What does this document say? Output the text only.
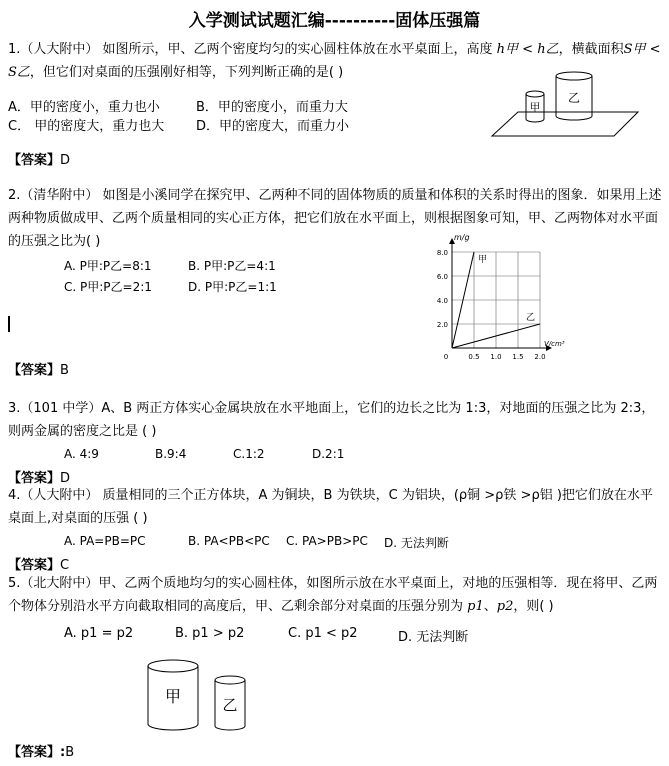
入学测试试题汇编----------固体压强篇
1.（人大附中） 如图所示，甲、乙两个密度均匀的实心圆柱体放在水平桌面上，高度 h甲 < h乙，横截面积S甲 < S乙，但它们对桌面的压强刚好相等，下列判断正确的是( )
A．甲的密度小，重力也小	B．甲的密度小，而重力大
C． 甲的密度大，重力也大 D．甲的密度大，而重力小
甲
乙
【答案】D
2.（清华附中） 如图是小溪同学在探究甲、乙两种不同的固体物质的质量和体积的关系时得出的图象．如果用上述两种物质做成甲、乙两个质量相同的实心正方体，把它们放在水平面上，则根据图象可知，甲、乙两物体对水平面的压强之比为( )
A. P甲:P乙=8:1	B. P甲:P乙=4:1
C. P甲:P乙=2:1	D. P甲:P乙=1:1
0	0.5 1.0 1.5 2.0
2.0
4.0
6.0
8.0
m/g
V/cm³
甲
乙
【答案】B
3.（101 中学）A、B 两正方体实心金属块放在水平地面上，它们的边长之比为 1:3，对地面的压强之比为 2:3，则两金属的密度之比是 ( )
A. 4:9	B.9:4	C.1:2	D.2:1
【答案】D
4.（人大附中） 质量相同的三个正方体块，A 为铜块，B 为铁块，C 为铝块，(ρ铜 >ρ铁 >ρ铝 )把它们放在水平桌面上,对桌面的压强 ( )
A. PA=PB=PC	B. PA<PB<PC C. PA>PB>PC D. 无法判断
【答案】C
5.（北大附中）甲、乙两个质地均匀的实心圆柱体，如图所示放在水平桌面上，对地的压强相等．现在将甲、乙两个物体分别沿水平方向截取相同的高度后，甲、乙剩余部分对桌面的压强分别为 p1、p2，则( )
A. p1 = p2	B. p1 > p2	C. p1 < p2	D. 无法判断
甲	乙
【答案】:B
